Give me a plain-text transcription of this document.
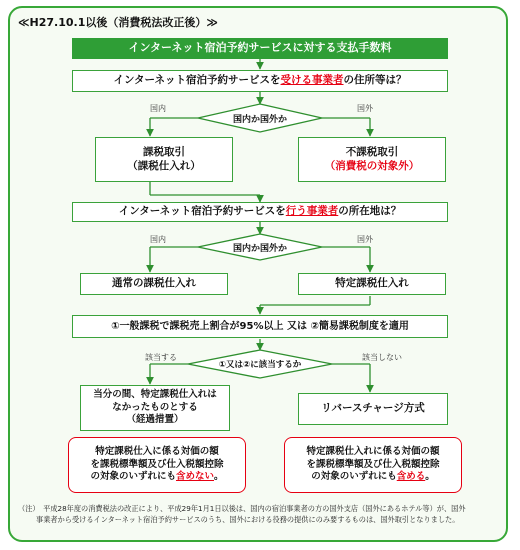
≪H27.10.1以後（消費税法改正後）≫
インターネット宿泊予約サービスに対する支払手数料
インターネット宿泊予約サービスを 受ける事業者 の住所等は？
国内か国外か
国内	国外
課税取引
（課税仕入れ）
不課税取引
（消費税の対象外）
インターネット宿泊予約サービスを 行う事業者 の所在地は？
国内か国外か
国内	国外
通常の課税仕入れ	特定課税仕入れ
①一般課税で課税売上割合が95%以上 又は ②簡易課税制度を適用
①又は②に該当するか
該当する	該当しない
当分の間、特定課税仕入れは
なかったものとする
（経過措置）
リバースチャージ方式
特定課税仕入に係る対価の額
を課税標準額及び仕入税額控除
の対象のいずれにも含めない。
特定課税仕入れに係る対価の額
を課税標準額及び仕入税額控除
の対象のいずれにも含める。
（注）　平成28年度の消費税法の改正により、平成29年1月1日以後は、国内の宿泊事業者の方の国外支店（国外にあるホテル等）が、国外
事業者から受けるインターネット宿泊予約サービスのうち、国外における役務の提供にのみ要するものは、国外取引となりました。
